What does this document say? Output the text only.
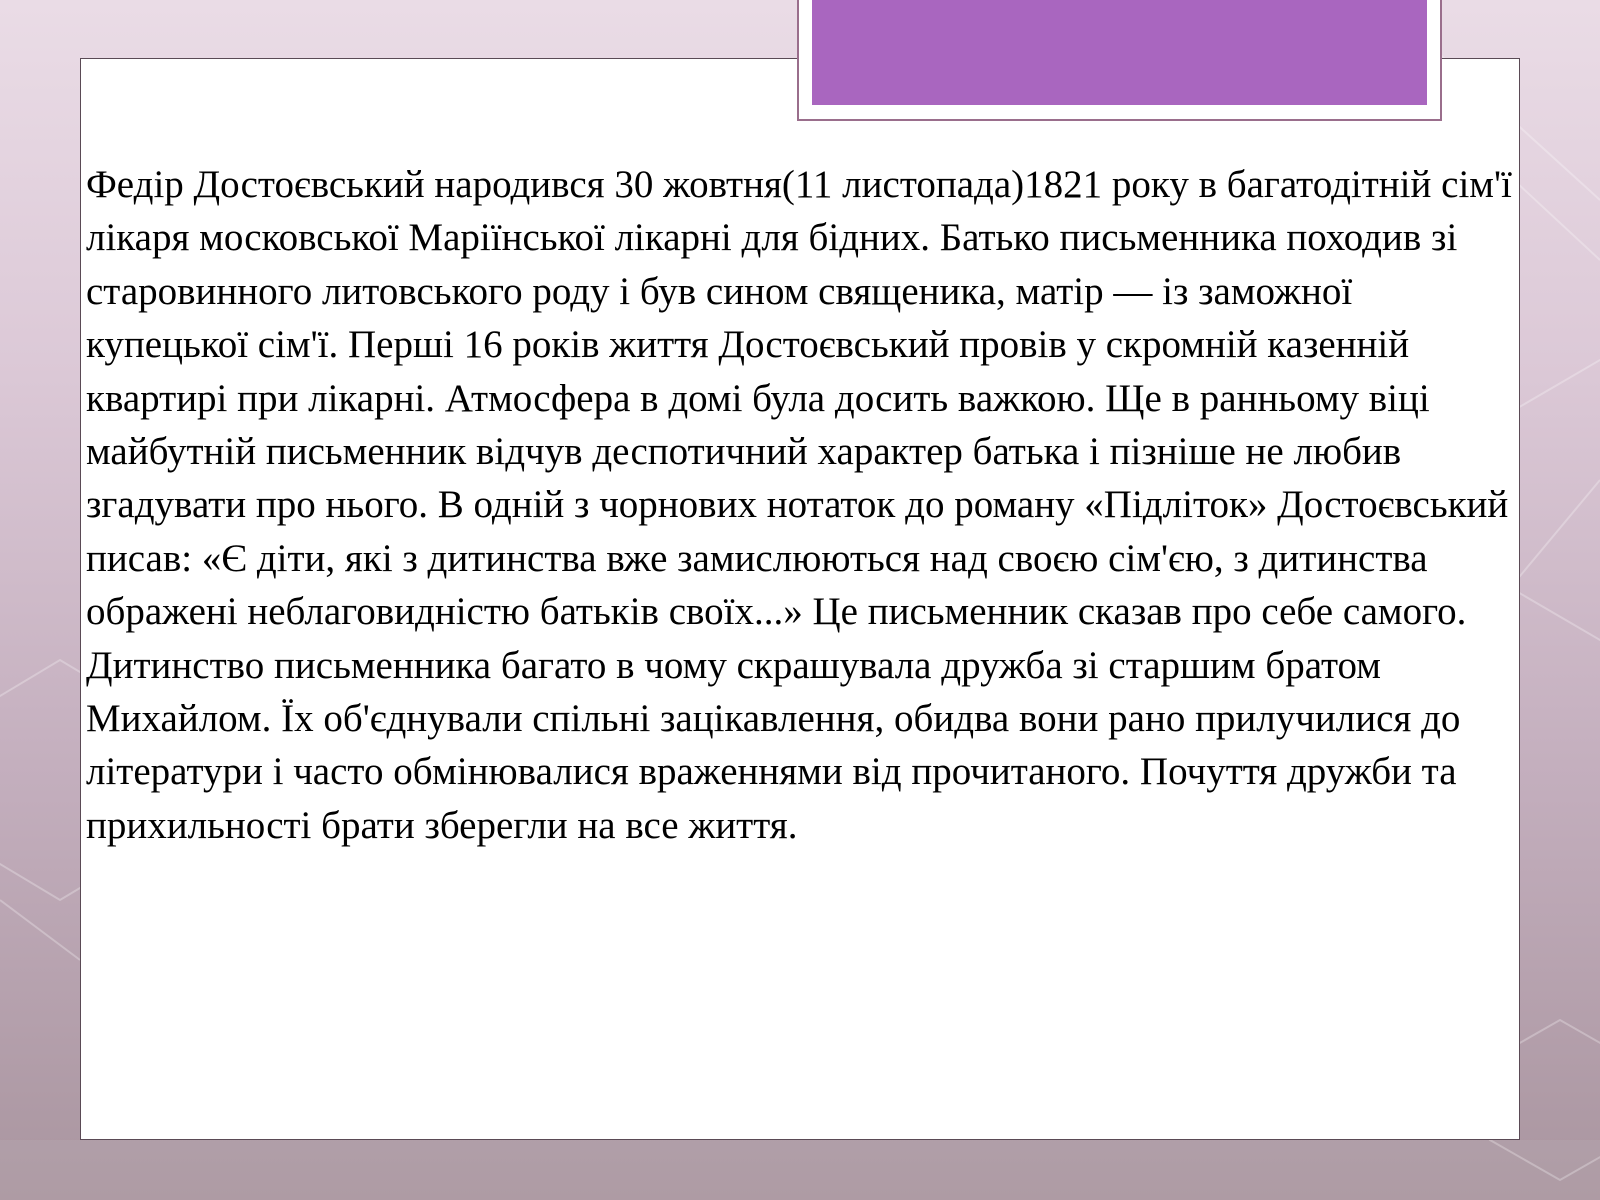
Федір Достоєвський народився 30 жовтня(11 листопада)1821 року в багатодітній сім'ї лікаря московської Маріїнської лікарні для бідних. Батько письменника походив зі старовинного литовського роду і був сином священика, матір — із заможної купецької сім'ї. Перші 16 років життя Достоєвський провів у скромній казенній квартирі при лікарні. Атмосфера в домі була досить важкою. Ще в ранньому віці майбутній письменник відчув деспотичний характер батька і пізніше не любив згадувати про нього. В одній з чорнових нотаток до роману «Підліток» Достоєвський писав: «Є діти, які з дитинства вже замислюються над своєю сім'єю, з дитинства ображені неблаговидністю батьків своїх...» Це письменник сказав про себе самого.
Дитинство письменника багато в чому скрашувала дружба зі старшим братом Михайлом. Їх об'єднували спільні зацікавлення, обидва вони рано прилучилися до літератури і часто обмінювалися враженнями від прочитаного. Почуття дружби та прихильності брати зберегли на все життя.
